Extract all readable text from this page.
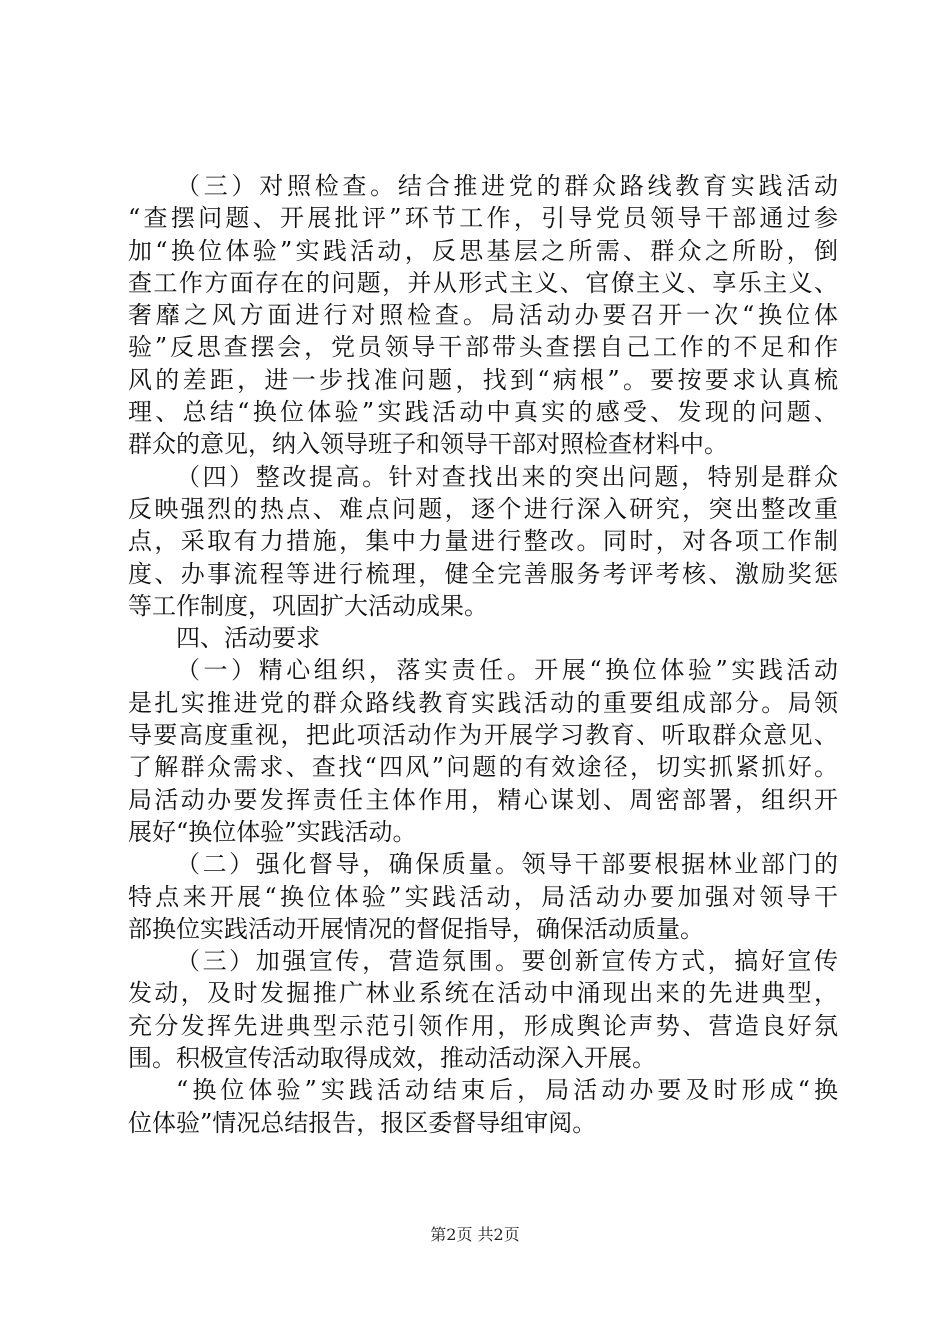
（三）对照检查。结合推进党的群众路线教育实践活动
“查摆问题、开展批评”环节工作，引导党员领导干部通过参
加“换位体验”实践活动，反思基层之所需、群众之所盼，倒
查工作方面存在的问题，并从形式主义、官僚主义、享乐主义、
奢靡之风方面进行对照检查。局活动办要召开一次“换位体
验”反思查摆会，党员领导干部带头查摆自己工作的不足和作
风的差距，进一步找准问题，找到“病根”。要按要求认真梳
理、总结“换位体验”实践活动中真实的感受、发现的问题、
群众的意见，纳入领导班子和领导干部对照检查材料中。
（四）整改提高。针对查找出来的突出问题，特别是群众
反映强烈的热点、难点问题，逐个进行深入研究，突出整改重
点，采取有力措施，集中力量进行整改。同时，对各项工作制
度、办事流程等进行梳理，健全完善服务考评考核、激励奖惩
等工作制度，巩固扩大活动成果。
四、活动要求
（一）精心组织，落实责任。开展“换位体验”实践活动
是扎实推进党的群众路线教育实践活动的重要组成部分。局领
导要高度重视，把此项活动作为开展学习教育、听取群众意见、
了解群众需求、查找“四风”问题的有效途径，切实抓紧抓好。
局活动办要发挥责任主体作用，精心谋划、周密部署，组织开
展好“换位体验”实践活动。
（二）强化督导，确保质量。领导干部要根据林业部门的
特点来开展“换位体验”实践活动，局活动办要加强对领导干
部换位实践活动开展情况的督促指导，确保活动质量。
（三）加强宣传，营造氛围。要创新宣传方式，搞好宣传
发动，及时发掘推广林业系统在活动中涌现出来的先进典型，
充分发挥先进典型示范引领作用，形成舆论声势、营造良好氛
围。积极宣传活动取得成效，推动活动深入开展。
“换位体验”实践活动结束后，局活动办要及时形成“换
位体验”情况总结报告，报区委督导组审阅。
第2页 共2页
